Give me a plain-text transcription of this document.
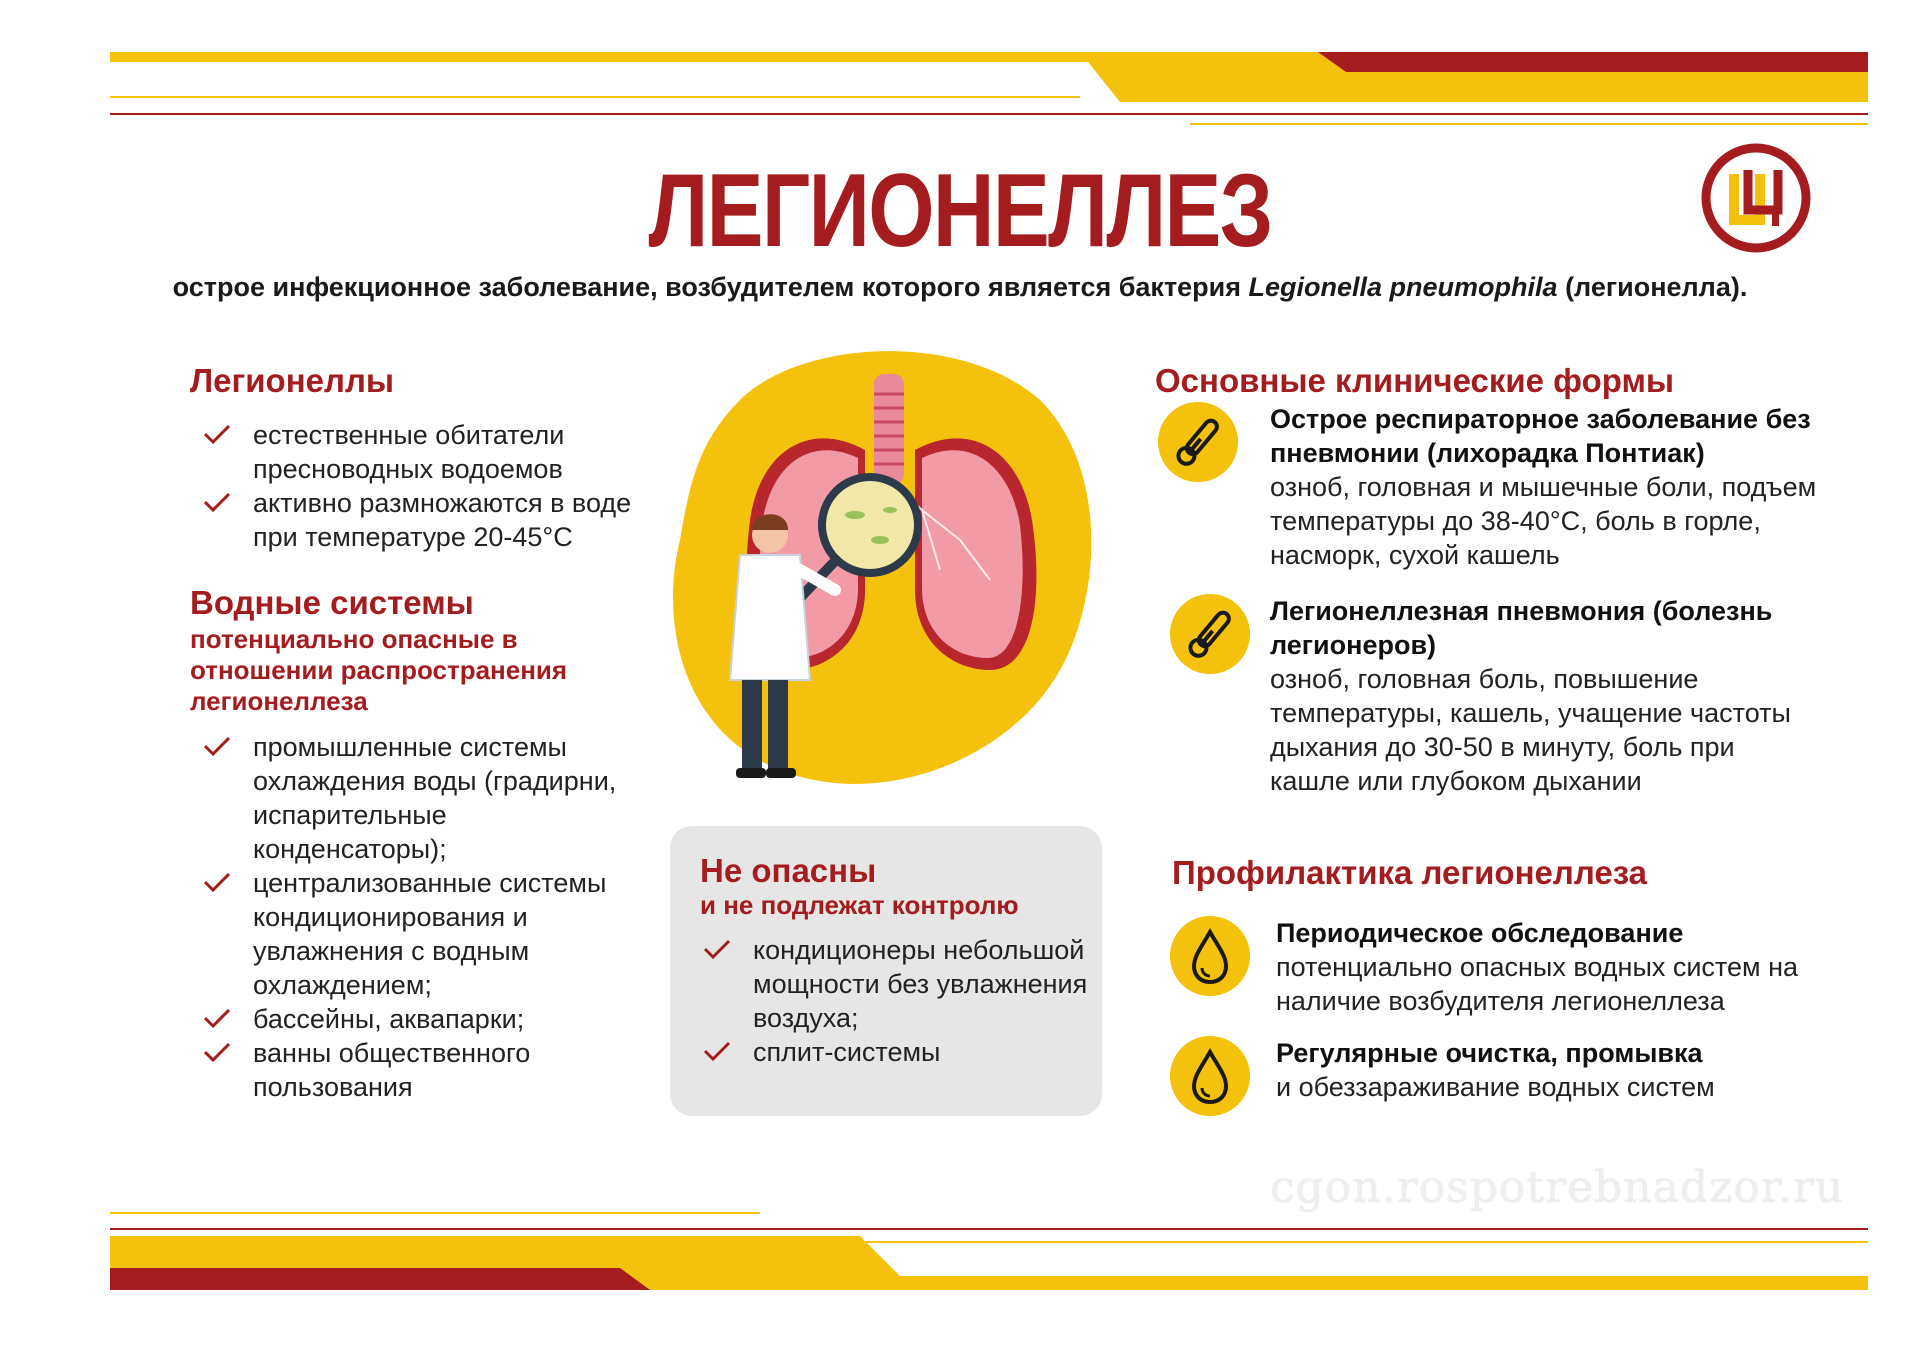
ЛЕГИОНЕЛЛЕЗ
острое инфекционное заболевание, возбудителем которого является бактерия Legionella pneumophila (легионелла).
Легионеллы
естественные обитатели пресноводных водоемов
активно размножаются в воде при температуре 20-45°С
Водные системы
потенциально опасные в отношении распространения легионеллеза
промышленные системы охлаждения воды (градирни, испарительные конденсаторы);
централизованные системы кондиционирования и увлажнения с водным охлаждением;
бассейны, аквапарки;
ванны общественного пользования
Не опасны
и не подлежат контролю
кондиционеры небольшой мощности без увлажнения воздуха;
сплит-системы
Основные клинические формы
Острое респираторное заболевание без пневмонии (лихорадка Понтиак)
озноб, головная и мышечные боли, подъем температуры до 38-40°С, боль в горле, насморк, сухой кашель
Легионеллезная пневмония (болезнь легионеров)
озноб, головная боль, повышение температуры, кашель, учащение частоты дыхания до 30-50 в минуту, боль при кашле или глубоком дыхании
Профилактика легионеллеза
Периодическое обследование
потенциально опасных водных систем на наличие возбудителя легионеллеза
Регулярные очистка, промывка
и обеззараживание водных систем
cgon.rospotrebnadzor.ru
